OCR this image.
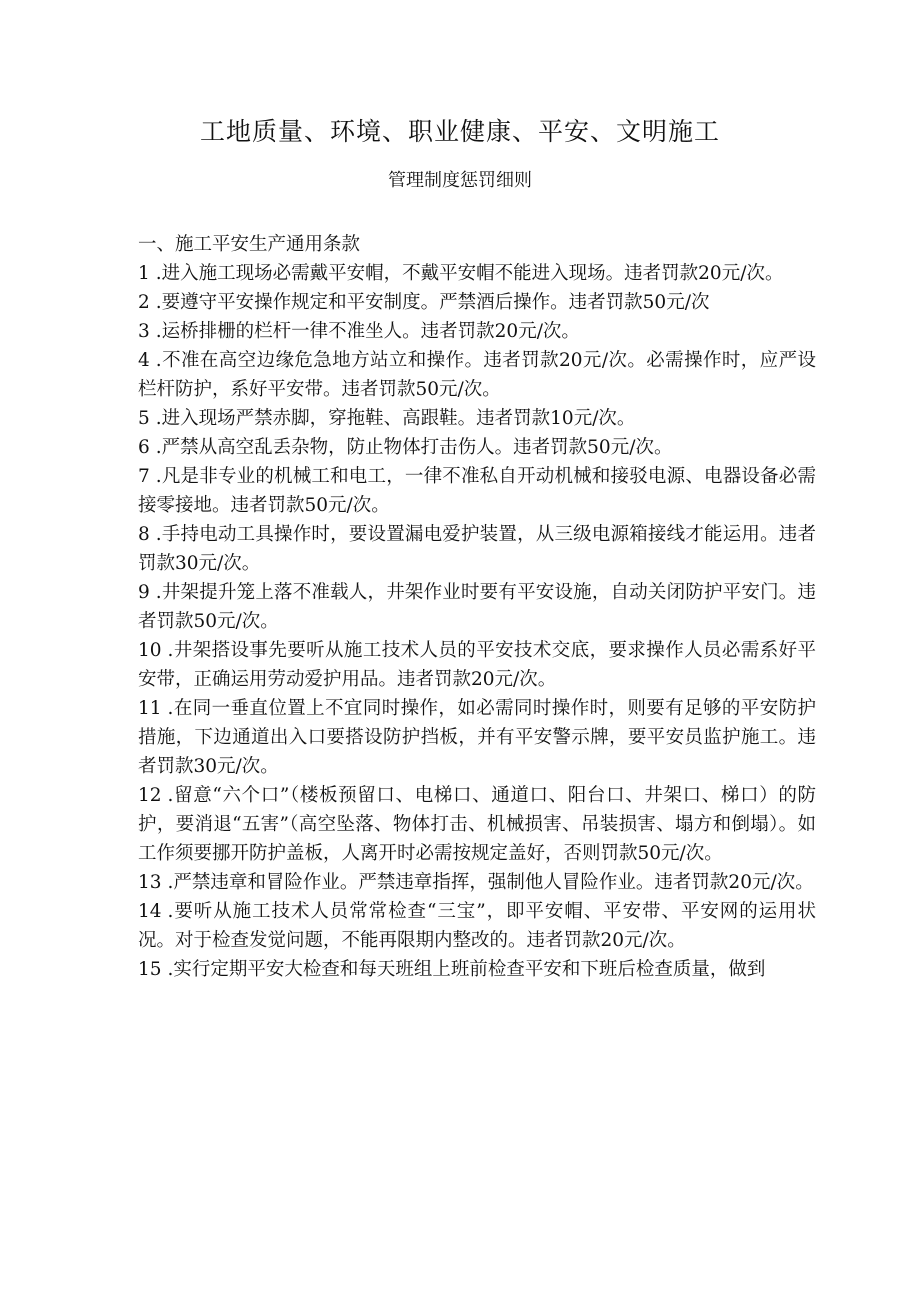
工地质量、环境、职业健康、平安、文明施工

管理制度惩罚细则

一、施工平安生产通用条款

1 .进入施工现场必需戴平安帽，不戴平安帽不能进入现场。违者罚款20元/次。

2 .要遵守平安操作规定和平安制度。严禁酒后操作。违者罚款50元/次

3 .运桥排栅的栏杆一律不准坐人。违者罚款20元/次。

4 .不准在高空边缘危急地方站立和操作。违者罚款20元/次。必需操作时，应严设栏杆防护，系好平安带。违者罚款50元/次。

5 .进入现场严禁赤脚，穿拖鞋、高跟鞋。违者罚款10元/次。

6 .严禁从高空乱丢杂物，防止物体打击伤人。违者罚款50元/次。

7 .凡是非专业的机械工和电工，一律不准私自开动机械和接驳电源、电器设备必需接零接地。违者罚款50元/次。

8 .手持电动工具操作时，要设置漏电爱护装置，从三级电源箱接线才能运用。违者罚款30元/次。

9 .井架提升笼上落不准载人，井架作业时要有平安设施，自动关闭防护平安门。违者罚款50元/次。

10 .井架搭设事先要听从施工技术人员的平安技术交底，要求操作人员必需系好平安带，正确运用劳动爱护用品。违者罚款20元/次。

11 .在同一垂直位置上不宜同时操作，如必需同时操作时，则要有足够的平安防护措施，下边通道出入口要搭设防护挡板，并有平安警示牌，要平安员监护施工。违者罚款30元/次。

12 .留意“六个口”（楼板预留口、电梯口、通道口、阳台口、井架口、梯口）的防护，要消退“五害”（高空坠落、物体打击、机械损害、吊装损害、塌方和倒塌）。如工作须要挪开防护盖板，人离开时必需按规定盖好，否则罚款50元/次。

13 .严禁违章和冒险作业。严禁违章指挥，强制他人冒险作业。违者罚款20元/次。

14 .要听从施工技术人员常常检查“三宝”，即平安帽、平安带、平安网的运用状况。对于检查发觉问题，不能再限期内整改的。违者罚款20元/次。

15 .实行定期平安大检查和每天班组上班前检查平安和下班后检查质量，做到
